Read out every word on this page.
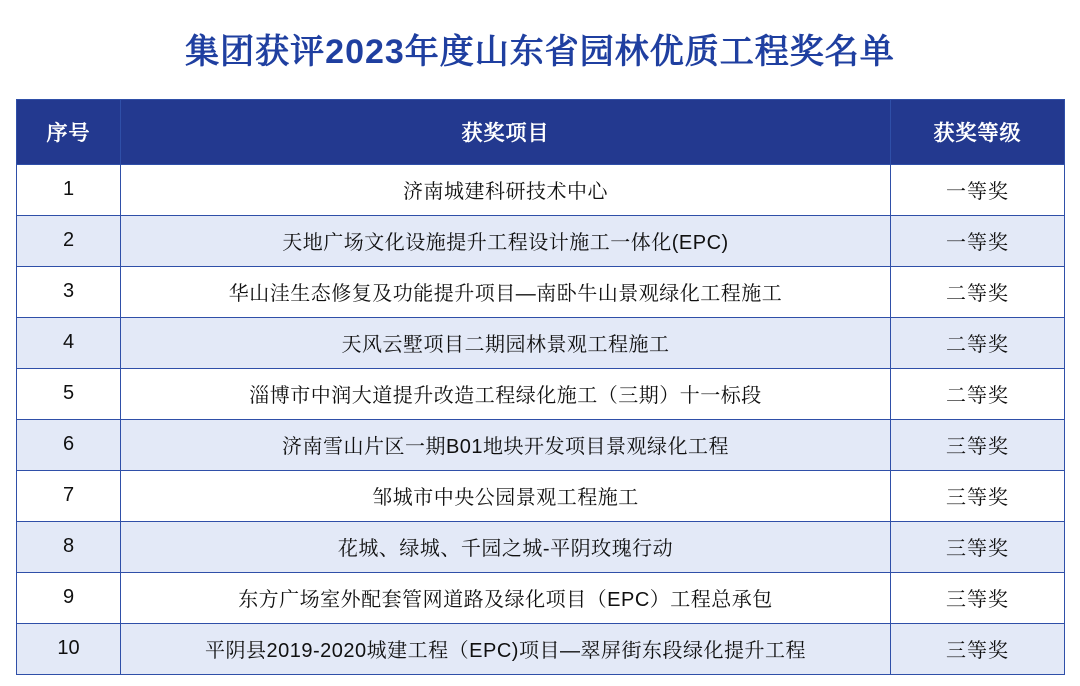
集团获评2023年度山东省园林优质工程奖名单
序号	获奖项目	获奖等级
1	济南城建科研技术中心	一等奖
2	天地广场文化设施提升工程设计施工一体化(EPC)	一等奖
3	华山洼生态修复及功能提升项目—南卧牛山景观绿化工程施工	二等奖
4	天风云墅项目二期园林景观工程施工	二等奖
5	淄博市中润大道提升改造工程绿化施工（三期）十一标段	二等奖
6	济南雪山片区一期B01地块开发项目景观绿化工程	三等奖
7	邹城市中央公园景观工程施工	三等奖
8	花城、绿城、千园之城-平阴玫瑰行动	三等奖
9	东方广场室外配套管网道路及绿化项目（EPC）工程总承包	三等奖
10	平阴县2019-2020城建工程（EPC)项目—翠屏街东段绿化提升工程	三等奖
